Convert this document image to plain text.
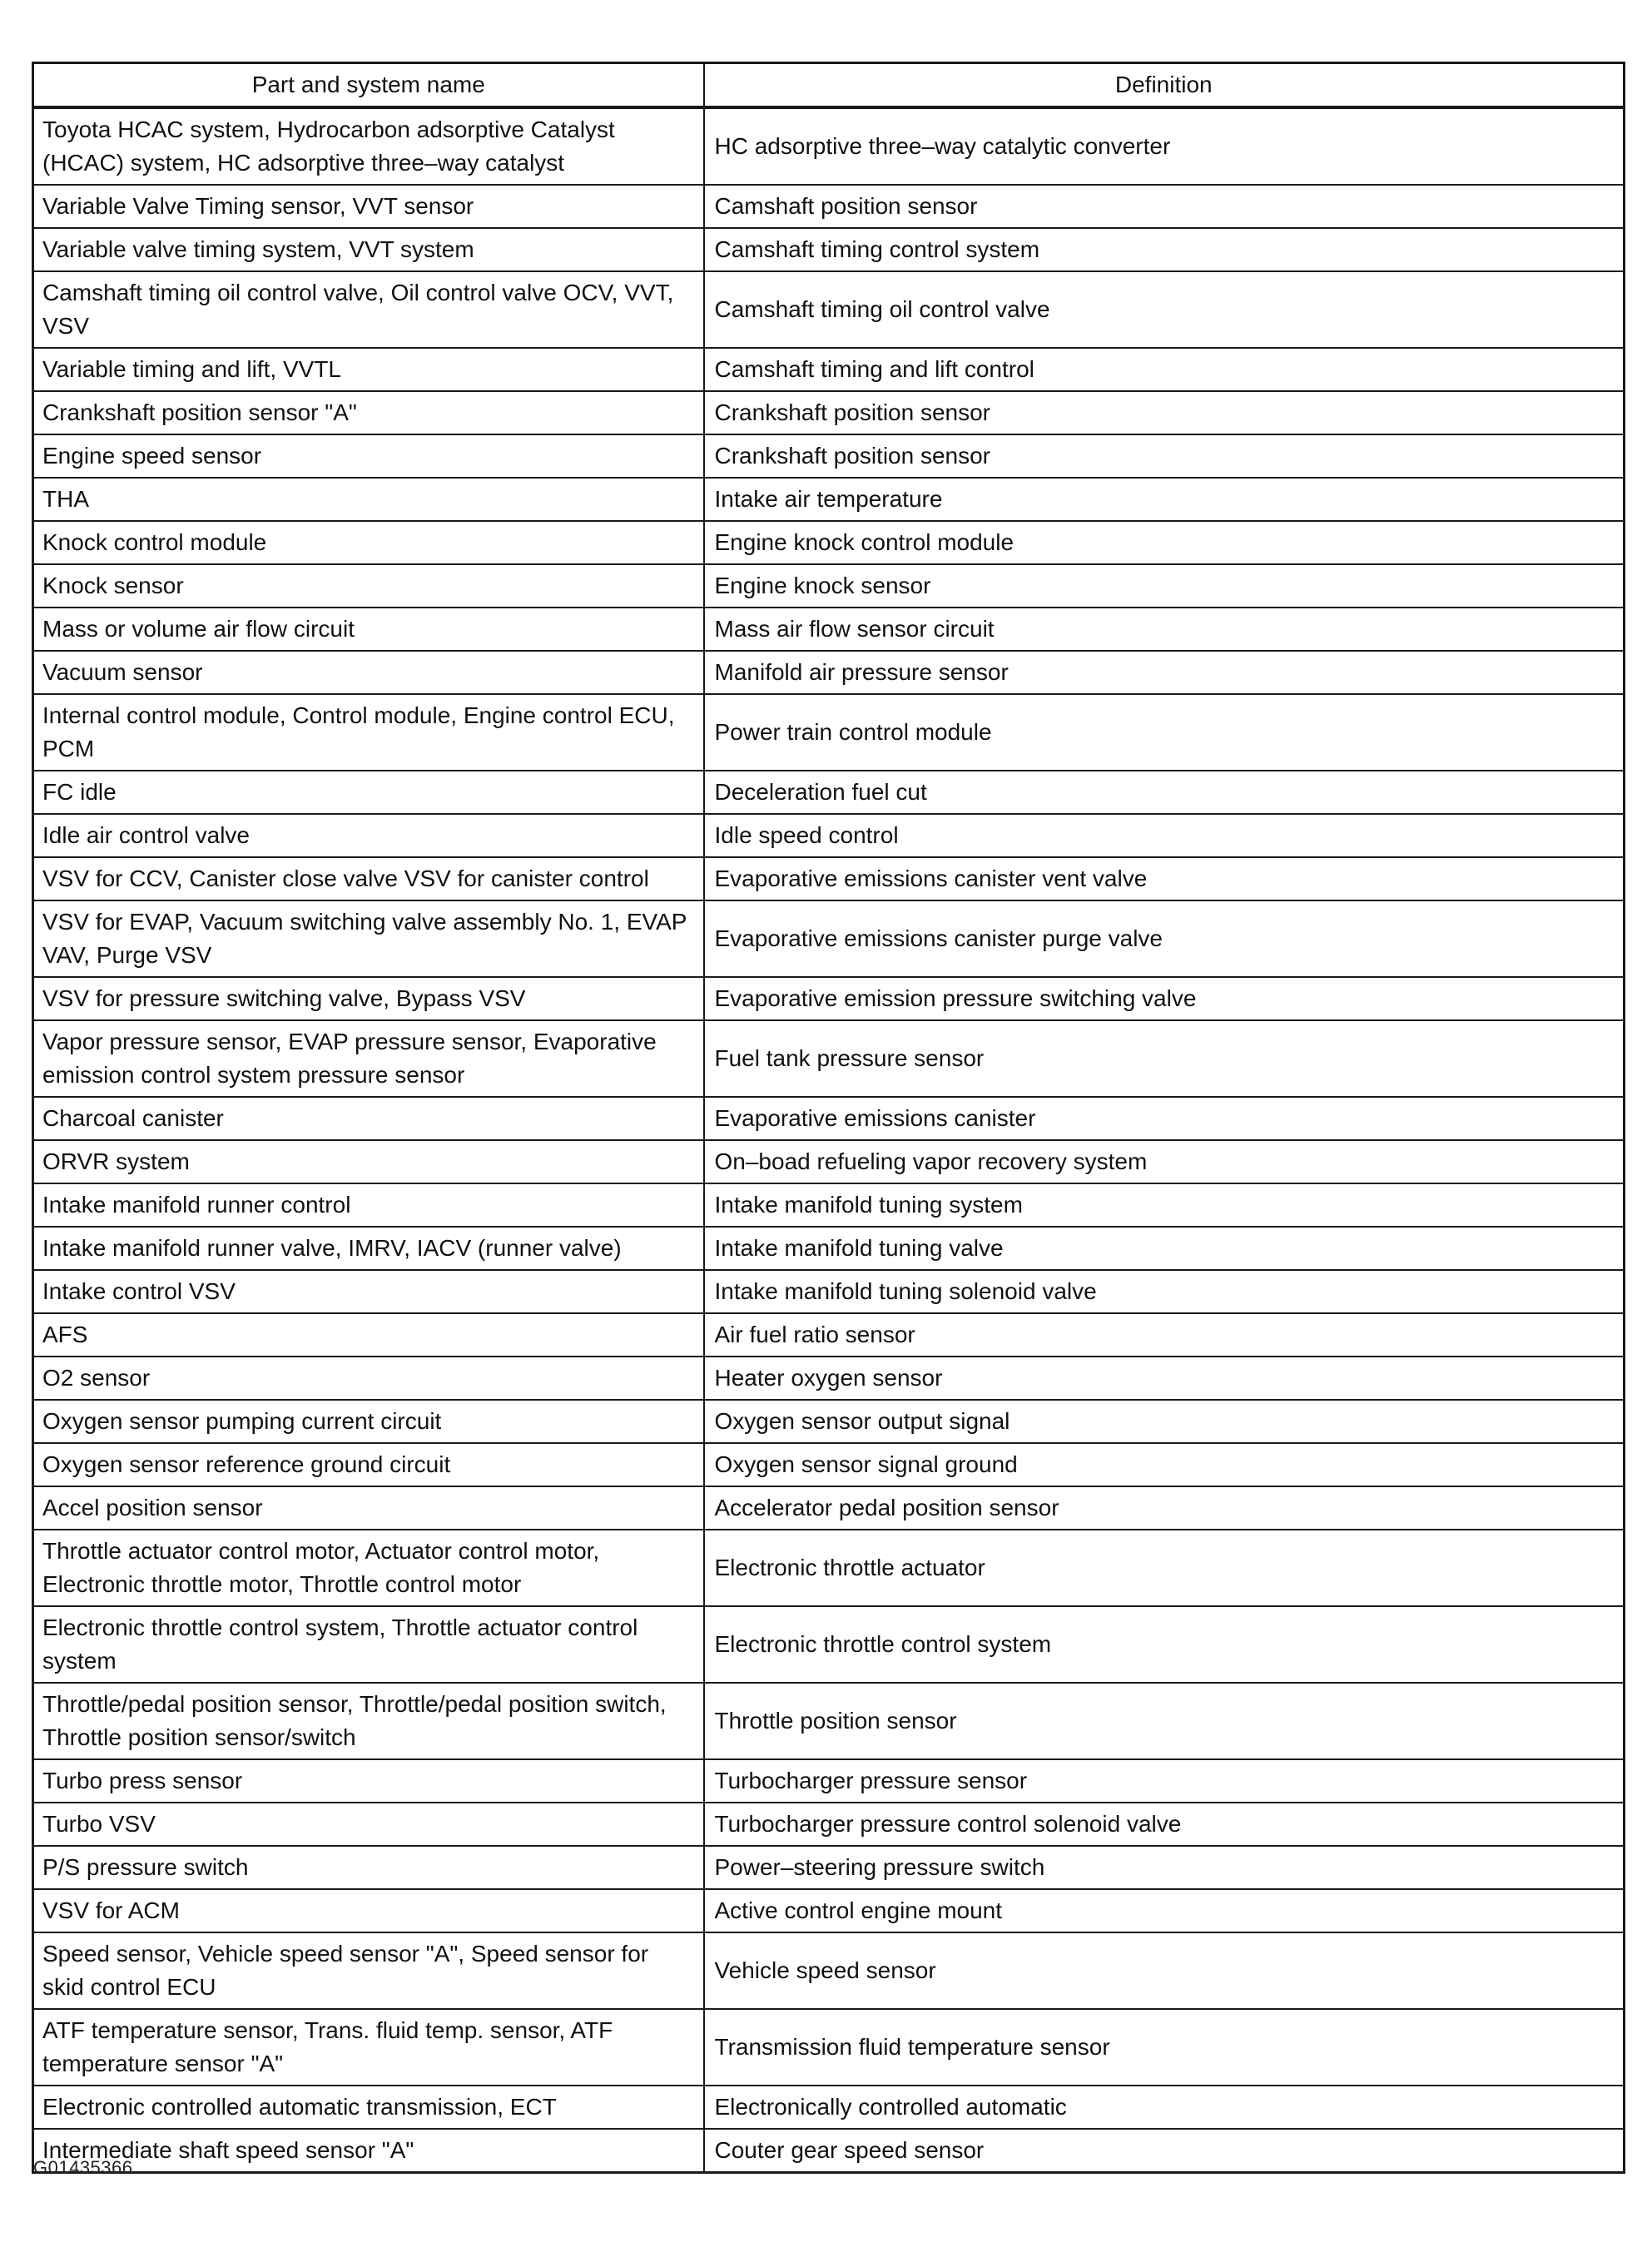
Part and system name	Definition
Toyota HCAC system, Hydrocarbon adsorptive Catalyst (HCAC) system, HC adsorptive three–way catalyst	HC adsorptive three–way catalytic converter
Variable Valve Timing sensor, VVT sensor	Camshaft position sensor
Variable valve timing system, VVT system	Camshaft timing control system
Camshaft timing oil control valve, Oil control valve OCV, VVT, VSV	Camshaft timing oil control valve
Variable timing and lift, VVTL	Camshaft timing and lift control
Crankshaft position sensor "A"	Crankshaft position sensor
Engine speed sensor	Crankshaft position sensor
THA	Intake air temperature
Knock control module	Engine knock control module
Knock sensor	Engine knock sensor
Mass or volume air flow circuit	Mass air flow sensor circuit
Vacuum sensor	Manifold air pressure sensor
Internal control module, Control module, Engine control ECU, PCM	Power train control module
FC idle	Deceleration fuel cut
Idle air control valve	Idle speed control
VSV for CCV, Canister close valve VSV for canister control	Evaporative emissions canister vent valve
VSV for EVAP, Vacuum switching valve assembly No. 1, EVAP VAV, Purge VSV	Evaporative emissions canister purge valve
VSV for pressure switching valve, Bypass VSV	Evaporative emission pressure switching valve
Vapor pressure sensor, EVAP pressure sensor, Evaporative emission control system pressure sensor	Fuel tank pressure sensor
Charcoal canister	Evaporative emissions canister
ORVR system	On–boad refueling vapor recovery system
Intake manifold runner control	Intake manifold tuning system
Intake manifold runner valve, IMRV, IACV (runner valve)	Intake manifold tuning valve
Intake control VSV	Intake manifold tuning solenoid valve
AFS	Air fuel ratio sensor
O2 sensor	Heater oxygen sensor
Oxygen sensor pumping current circuit	Oxygen sensor output signal
Oxygen sensor reference ground circuit	Oxygen sensor signal ground
Accel position sensor	Accelerator pedal position sensor
Throttle actuator control motor, Actuator control motor, Electronic throttle motor, Throttle control motor	Electronic throttle actuator
Electronic throttle control system, Throttle actuator control system	Electronic throttle control system
Throttle/pedal position sensor, Throttle/pedal position switch, Throttle position sensor/switch	Throttle position sensor
Turbo press sensor	Turbocharger pressure sensor
Turbo VSV	Turbocharger pressure control solenoid valve
P/S pressure switch	Power–steering pressure switch
VSV for ACM	Active control engine mount
Speed sensor, Vehicle speed sensor "A", Speed sensor for skid control ECU	Vehicle speed sensor
ATF temperature sensor, Trans. fluid temp. sensor, ATF temperature sensor "A"	Transmission fluid temperature sensor
Electronic controlled automatic transmission, ECT	Electronically controlled automatic
Intermediate shaft speed sensor "A"	Couter gear speed sensor
G01435366
